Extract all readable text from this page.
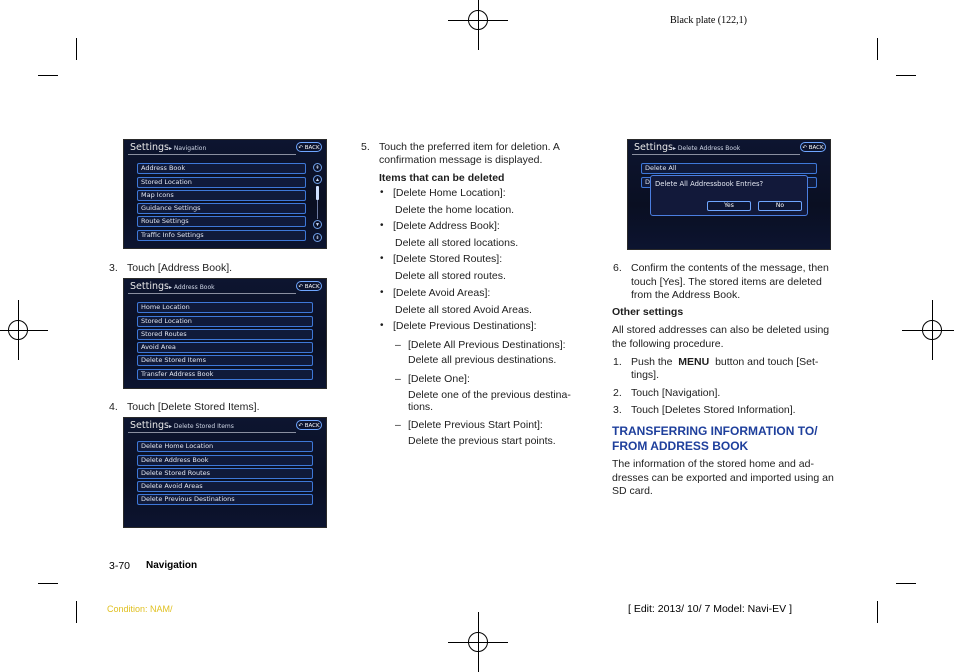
Black plate (122,1)
Settings▸ Navigation	↶ BACK
Address Book
Stored Location
Map Icons
Guidance Settings
Route Settings
Traffic Info Settings
⇞
▲
▼
⇟
3. Touch [Address Book].
Settings▸ Address Book	↶ BACK
Home Location
Stored Location
Stored Routes
Avoid Area
Delete Stored Items
Transfer Address Book
4. Touch [Delete Stored Items].
Settings▸ Delete Stored Items	↶ BACK
Delete Home Location
Delete Address Book
Delete Stored Routes
Delete Avoid Areas
Delete Previous Destinations
5. Touch the preferred item for deletion. A
confirmation message is displayed.
Items that can be deleted
• [Delete Home Location]:
Delete the home location.
• [Delete Address Book]:
Delete all stored locations.
• [Delete Stored Routes]:
Delete all stored routes.
• [Delete Avoid Areas]:
Delete all stored Avoid Areas.
• [Delete Previous Destinations]:
– [Delete All Previous Destinations]:
Delete all previous destinations.
– [Delete One]:
Delete one of the previous destina-
tions.
– [Delete Previous Start Point]:
Delete the previous start points.
Settings▸ Delete Address Book	↶ BACK
Delete All
D Delete All Addressbook Entries?
Yes	No
6. Confirm the contents of the message, then
touch [Yes]. The stored items are deleted
from the Address Book.
Other settings
All stored addresses can also be deleted using
the following procedure.
1. Push the MENU button and touch [Set-
tings].
2. Touch [Navigation].
3. Touch [Deletes Stored Information].
TRANSFERRING INFORMATION TO/
FROM ADDRESS BOOK
The information of the stored home and ad-
dresses can be exported and imported using an
SD card.
3-70 Navigation
Condition: NAM/	[ Edit: 2013/ 10/ 7 Model: Navi-EV ]
